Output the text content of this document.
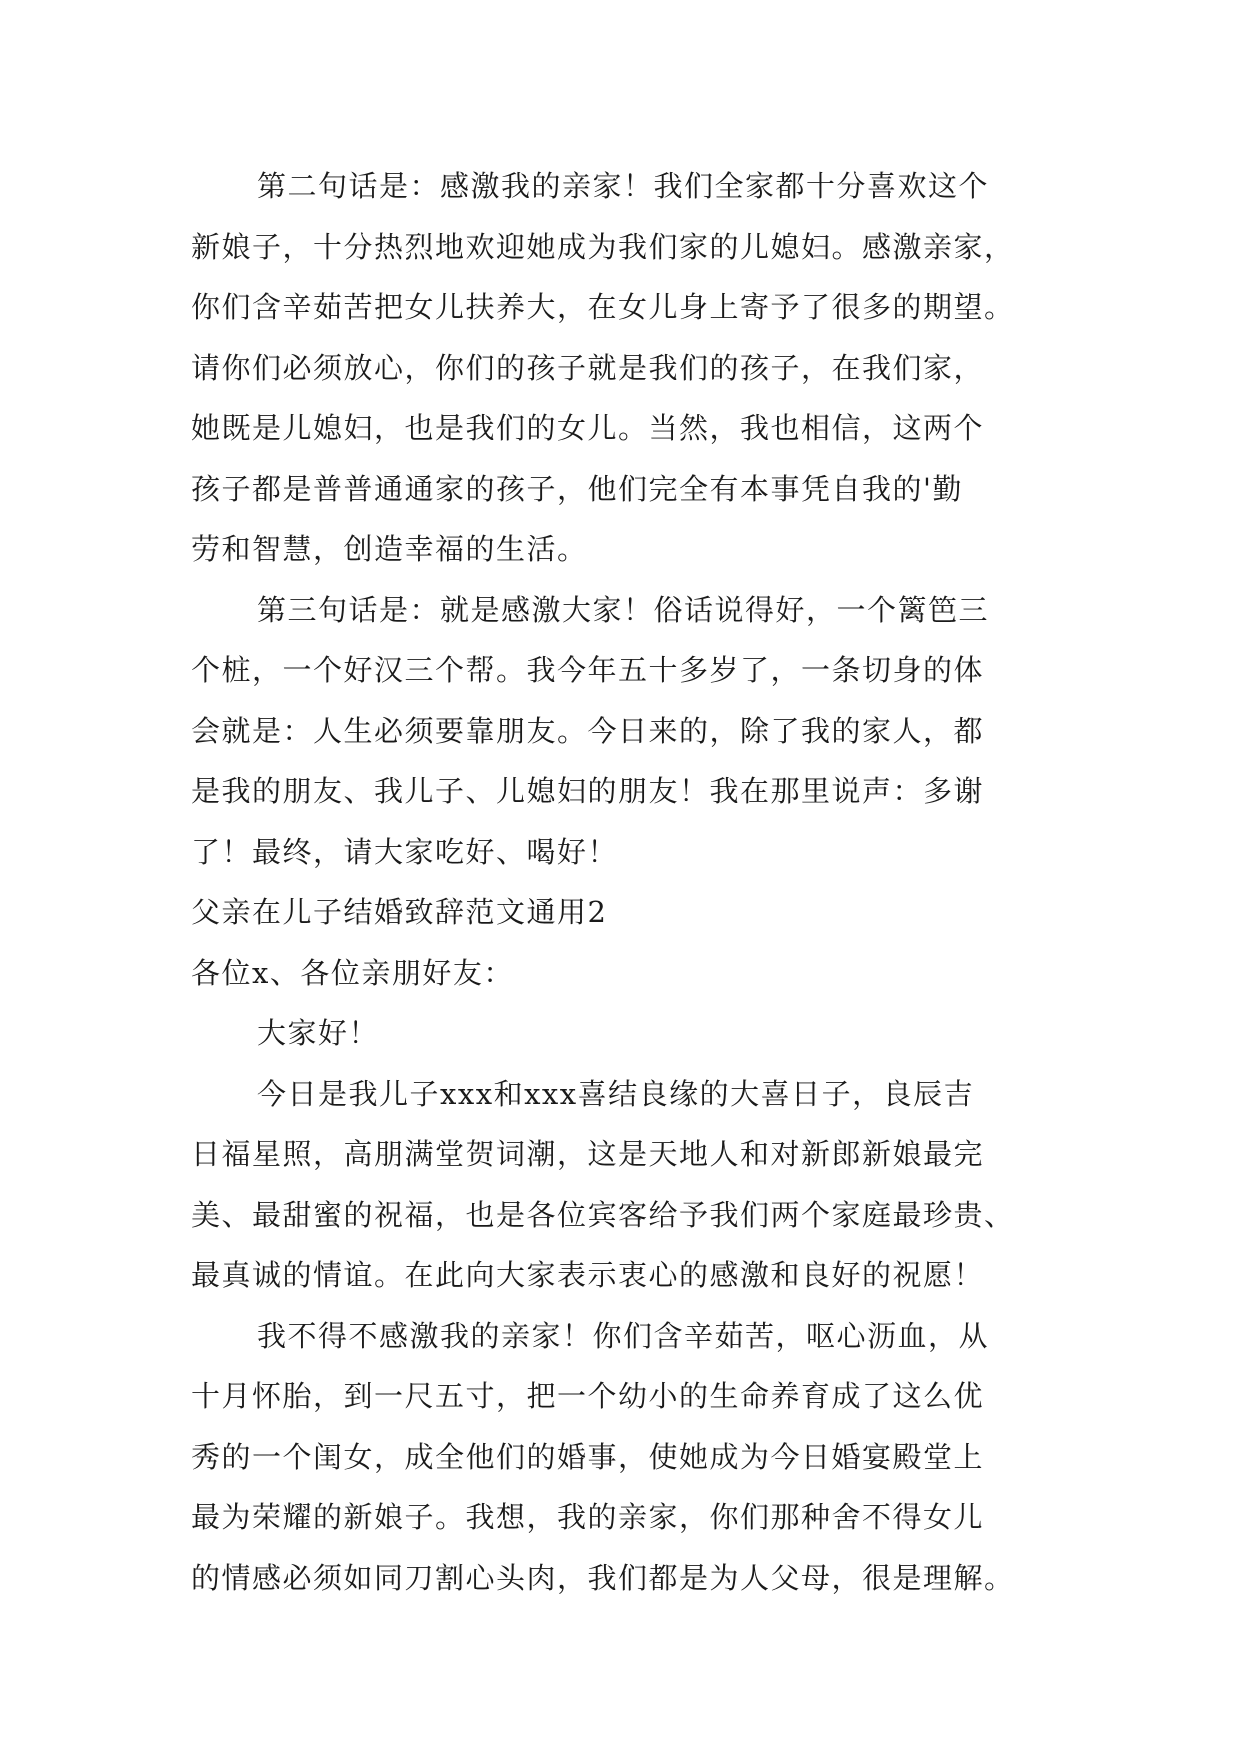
第二句话是：感激我的亲家！我们全家都十分喜欢这个
新娘子，十分热烈地欢迎她成为我们家的儿媳妇。感激亲家，
你们含辛茹苦把女儿扶养大，在女儿身上寄予了很多的期望。
请你们必须放心，你们的孩子就是我们的孩子，在我们家，
她既是儿媳妇，也是我们的女儿。当然，我也相信，这两个
孩子都是普普通通家的孩子，他们完全有本事凭自我的'勤
劳和智慧，创造幸福的生活。
第三句话是：就是感激大家！俗话说得好，一个篱笆三
个桩，一个好汉三个帮。我今年五十多岁了，一条切身的体
会就是：人生必须要靠朋友。今日来的，除了我的家人，都
是我的朋友、我儿子、儿媳妇的朋友！我在那里说声：多谢
了！最终，请大家吃好、喝好！
父亲在儿子结婚致辞范文通用2
各位x、各位亲朋好友：
大家好！
今日是我儿子xxx和xxx喜结良缘的大喜日子，良辰吉
日福星照，高朋满堂贺词潮，这是天地人和对新郎新娘最完
美、最甜蜜的祝福，也是各位宾客给予我们两个家庭最珍贵、
最真诚的情谊。在此向大家表示衷心的感激和良好的祝愿！
我不得不感激我的亲家！你们含辛茹苦，呕心沥血，从
十月怀胎，到一尺五寸，把一个幼小的生命养育成了这么优
秀的一个闺女，成全他们的婚事，使她成为今日婚宴殿堂上
最为荣耀的新娘子。我想，我的亲家，你们那种舍不得女儿
的情感必须如同刀割心头肉，我们都是为人父母，很是理解。
